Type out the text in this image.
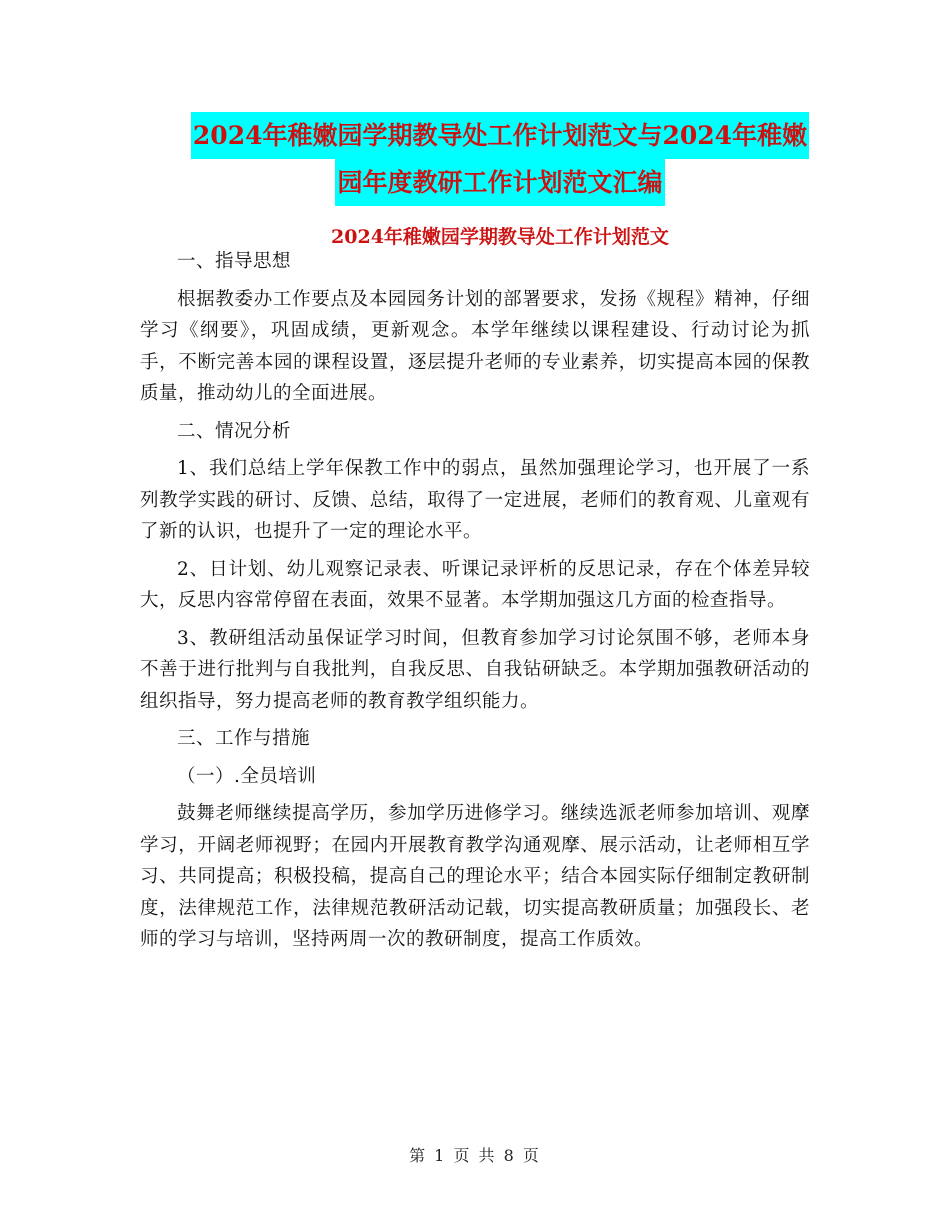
2024年稚嫩园学期教导处工作计划范文与2024年稚嫩
园年度教研工作计划范文汇编
2024年稚嫩园学期教导处工作计划范文

一、指导思想

根据教委办工作要点及本园园务计划的部署要求，发扬《规程》精神，仔细学习《纲要》，巩固成绩，更新观念。本学年继续以课程建设、行动讨论为抓手，不断完善本园的课程设置，逐层提升老师的专业素养，切实提高本园的保教质量，推动幼儿的全面进展。

二、情况分析

1、我们总结上学年保教工作中的弱点，虽然加强理论学习，也开展了一系列教学实践的研讨、反馈、总结，取得了一定进展，老师们的教育观、儿童观有了新的认识，也提升了一定的理论水平。

2、日计划、幼儿观察记录表、听课记录评析的反思记录，存在个体差异较大，反思内容常停留在表面，效果不显著。本学期加强这几方面的检查指导。

3、教研组活动虽保证学习时间，但教育参加学习讨论氛围不够，老师本身不善于进行批判与自我批判，自我反思、自我钻研缺乏。本学期加强教研活动的组织指导，努力提高老师的教育教学组织能力。

三、工作与措施

（一）.全员培训

鼓舞老师继续提高学历，参加学历进修学习。继续选派老师参加培训、观摩学习，开阔老师视野；在园内开展教育教学沟通观摩、展示活动，让老师相互学习、共同提高；积极投稿，提高自己的理论水平；结合本园实际仔细制定教研制度，法律规范工作，法律规范教研活动记载，切实提高教研质量；加强段长、老师的学习与培训，坚持两周一次的教研制度，提高工作质效。

第 1 页 共 8 页
